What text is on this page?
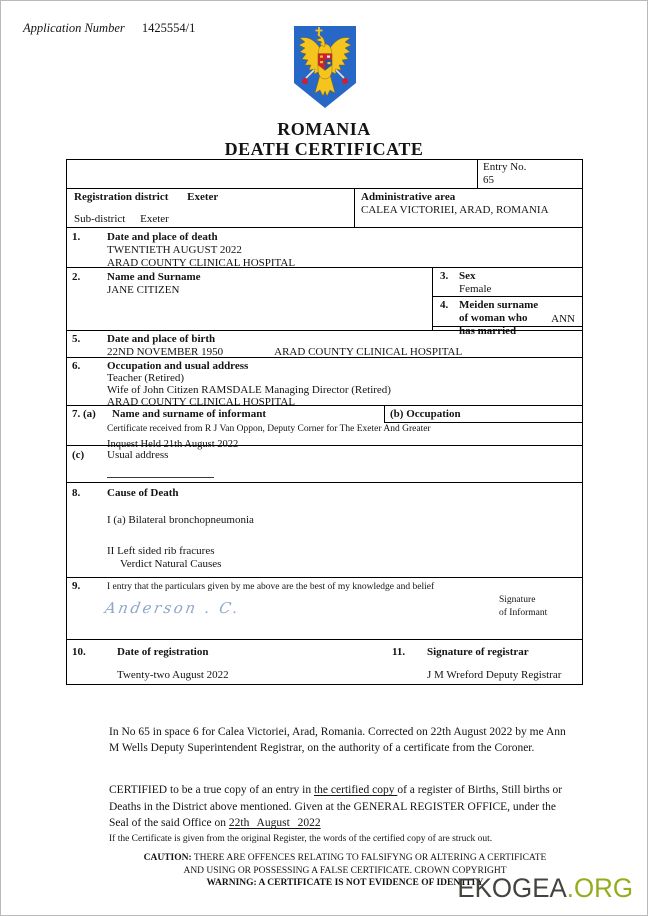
Application Number 1425554/1
ROMANIA
DEATH CERTIFICATE
Entry No.
65
Registration district Exeter
Sub-district Exeter
Administrative area
CALEA VICTORIEI, ARAD, ROMANIA
1.	Date and place of death
TWENTIETH AUGUST 2022
ARAD COUNTY CLINICAL HOSPITAL
2.	Name and Surname
JANE CITIZEN
3. Sex
Female
4. Meiden surname
of woman who
has married
ANN
5.	Date and place of birth
22ND NOVEMBER 1950	ARAD COUNTY CLINICAL HOSPITAL
6.	Occupation and usual address
Teacher (Retired)
Wife of John Citizen RAMSDALE Managing Director (Retired)
ARAD COUNTY CLINICAL HOSPITAL
7. (a)	Name and surname of informant	(b) Occupation
Certificate received from R J Van Oppon, Deputy Corner for The Exeter And Greater
Inquest Held 21th August 2022
(c)	Usual address
8.	Cause of Death
I (a) Bilateral bronchopneumonia
II Left sided rib fracures
Verdict Natural Causes
9.	I entry that the particulars given by me above are the best of my knowledge and belief
Anderson . C.	Signature
of Informant
10.	Date of registration
Twenty-two August 2022
11. Signature of registrar
J M Wreford Deputy Registrar
In No 65 in space 6 for Calea Victoriei, Arad, Romania. Corrected on 22th August 2022 by me Ann M Wells Deputy Superintendent Registrar, on the authority of a certificate from the Coroner.
CERTIFIED to be a true copy of an entry in the certified copy of a register of Births, Still births or Deaths in the District above mentioned. Given at the GENERAL REGISTER OFFICE, under the Seal of the said Office on 22th August 2022
If the Certificate is given from the original Register, the words of the certified copy of are struck out.
CAUTION: THERE ARE OFFENCES RELATING TO FALSIFYNG OR ALTERING A CERTIFICATE
AND USING OR POSSESSING A FALSE CERTIFICATE. CROWN COPYRIGHT
WARNING: A CERTIFICATE IS NOT EVIDENCE OF IDENTITY
EKOGEA.ORG
